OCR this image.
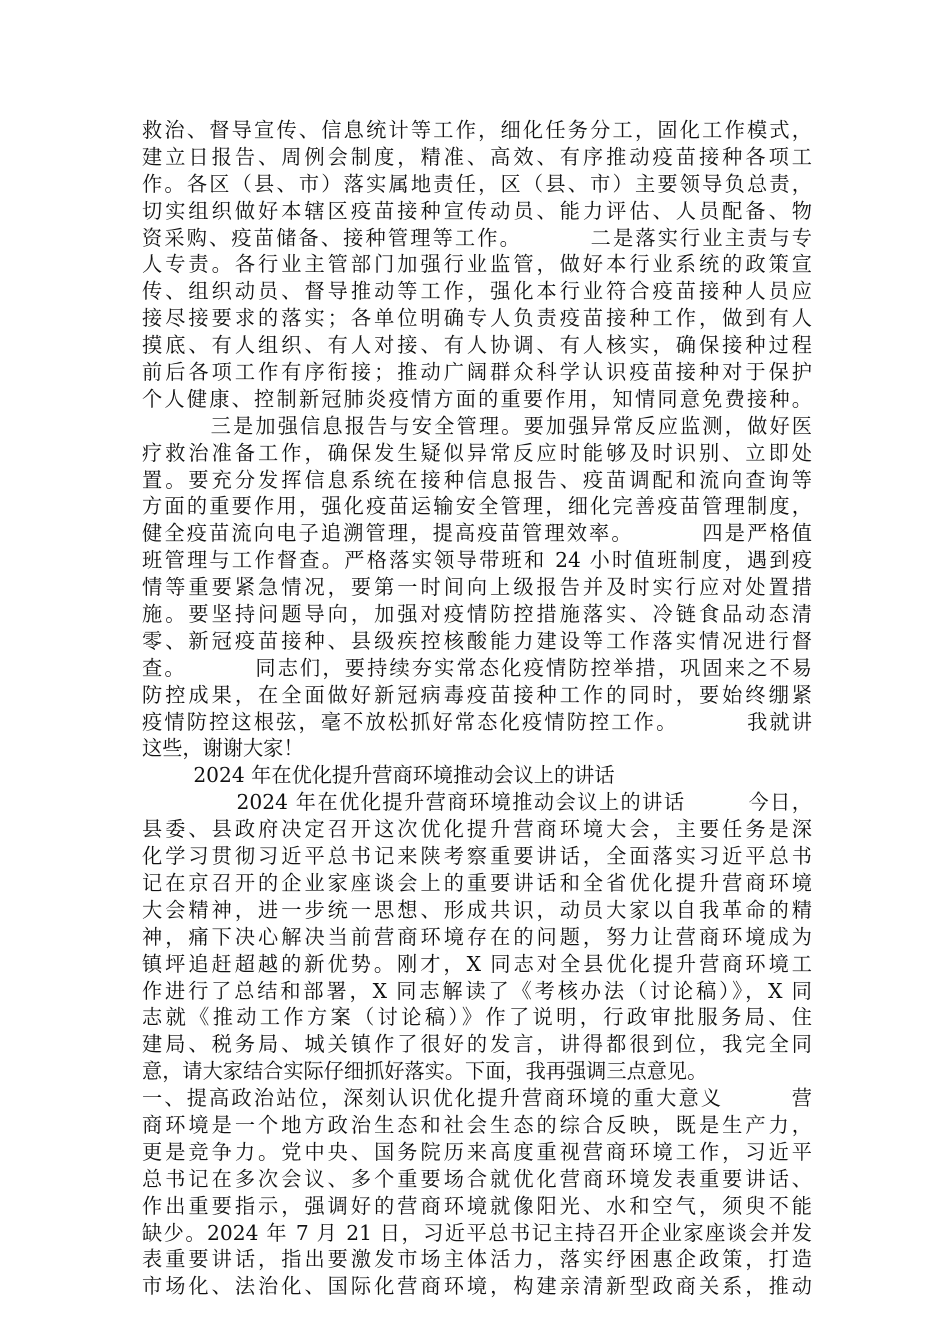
救治、督导宣传、信息统计等工作，细化任务分工，固化工作模式，
建立日报告、周例会制度，精准、高效、有序推动疫苗接种各项工
作。各区（县、市）落实属地责任，区（县、市）主要领导负总责，
切实组织做好本辖区疫苗接种宣传动员、能力评估、人员配备、物
资采购、疫苗储备、接种管理等工作。        二是落实行业主责与专
人专责。各行业主管部门加强行业监管，做好本行业系统的政策宣
传、组织动员、督导推动等工作，强化本行业符合疫苗接种人员应
接尽接要求的落实；各单位明确专人负责疫苗接种工作，做到有人
摸底、有人组织、有人对接、有人协调、有人核实，确保接种过程
前后各项工作有序衔接；推动广阔群众科学认识疫苗接种对于保护
个人健康、控制新冠肺炎疫情方面的重要作用，知情同意免费接种。
三是加强信息报告与安全管理。要加强异常反应监测，做好医
疗救治准备工作，确保发生疑似异常反应时能够及时识别、立即处
置。要充分发挥信息系统在接种信息报告、疫苗调配和流向查询等
方面的重要作用，强化疫苗运输安全管理，细化完善疫苗管理制度，
健全疫苗流向电子追溯管理，提高疫苗管理效率。        四是严格值
班管理与工作督查。严格落实领导带班和 24 小时值班制度，遇到疫
情等重要紧急情况，要第一时间向上级报告并及时实行应对处置措
施。要坚持问题导向，加强对疫情防控措施落实、冷链食品动态清
零、新冠疫苗接种、县级疾控核酸能力建设等工作落实情况进行督
查。        同志们，要持续夯实常态化疫情防控举措，巩固来之不易
防控成果，在全面做好新冠病毒疫苗接种工作的同时，要始终绷紧
疫情防控这根弦，毫不放松抓好常态化疫情防控工作。        我就讲
这些，谢谢大家！
2024 年在优化提升营商环境推动会议上的讲话
2024 年在优化提升营商环境推动会议上的讲话        今日，
县委、县政府决定召开这次优化提升营商环境大会，主要任务是深
化学习贯彻习近平总书记来陕考察重要讲话，全面落实习近平总书
记在京召开的企业家座谈会上的重要讲话和全省优化提升营商环境
大会精神，进一步统一思想、形成共识，动员大家以自我革命的精
神，痛下决心解决当前营商环境存在的问题，努力让营商环境成为
镇坪追赶超越的新优势。刚才，X 同志对全县优化提升营商环境工
作进行了总结和部署，X 同志解读了《考核办法（讨论稿）》，X 同
志就《推动工作方案（讨论稿）》作了说明，行政审批服务局、住
建局、税务局、城关镇作了很好的发言，讲得都很到位，我完全同
意，请大家结合实际仔细抓好落实。下面，我再强调三点意见。
一、提高政治站位，深刻认识优化提升营商环境的重大意义        营
商环境是一个地方政治生态和社会生态的综合反映，既是生产力，
更是竞争力。党中央、国务院历来高度重视营商环境工作，习近平
总书记在多次会议、多个重要场合就优化营商环境发表重要讲话、
作出重要指示，强调好的营商环境就像阳光、水和空气，须臾不能
缺少。2024 年 7 月 21 日，习近平总书记主持召开企业家座谈会并发
表重要讲话，指出要激发市场主体活力，落实纾困惠企政策，打造
市场化、法治化、国际化营商环境，构建亲清新型政商关系，推动
